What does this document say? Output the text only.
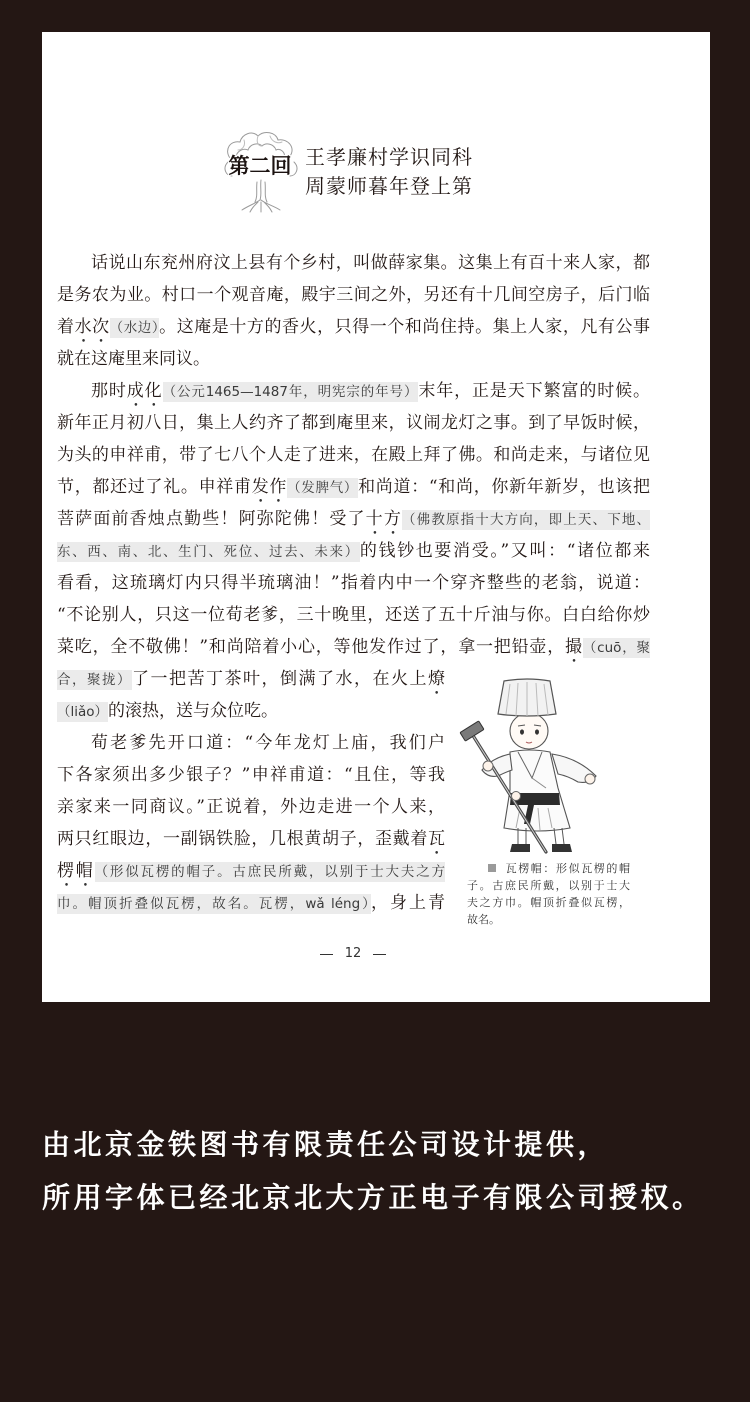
第二回 王孝廉村学识同科
周蒙师暮年登上第
话说山东兖州府汶上县有个乡村，叫做薛家集。这集上有百十来人家，都
是务农为业。村口一个观音庵，殿宇三间之外，另还有十几间空房子，后门临
着水次（水边）。这庵是十方的香火，只得一个和尚住持。集上人家，凡有公事
就在这庵里来同议。
那时成化（公元1465—1487年，明宪宗的年号）末年，正是天下繁富的时候。
新年正月初八日，集上人约齐了都到庵里来，议闹龙灯之事。到了早饭时候，
为头的申祥甫，带了七八个人走了进来，在殿上拜了佛。和尚走来，与诸位见
节，都还过了礼。申祥甫发作（发脾气）和尚道：“和尚，你新年新岁，也该把
菩萨面前香烛点勤些！阿弥陀佛！受了十方（佛教原指十大方向，即上天、下地、
东、西、南、北、生门、死位、过去、未来）的钱钞也要消受。”又叫：“诸位都来
看看，这琉璃灯内只得半琉璃油！”指着内中一个穿齐整些的老翁，说道：
“不论别人，只这一位荀老爹，三十晚里，还送了五十斤油与你。白白给你炒
菜吃，全不敬佛！”和尚陪着小心，等他发作过了，拿一把铅壶，撮（cuō，聚
合，聚拢）了一把苦丁茶叶，倒满了水，在火上燎
（liǎo）的滚热，送与众位吃。
荀老爹先开口道：“今年龙灯上庙，我们户
下各家须出多少银子？”申祥甫道：“且住，等我
亲家来一同商议。”正说着，外边走进一个人来，
两只红眼边，一副锅铁脸，几根黄胡子，歪戴着瓦
楞帽（形似瓦楞的帽子。古庶民所戴，以别于士大夫之方
巾。帽顶折叠似瓦楞，故名。瓦楞，wǎ léng），身上青
瓦楞帽：形似瓦楞的帽
子。古庶民所戴，以别于士大
夫之方巾。帽顶折叠似瓦楞，
故名。
12
由北京金铁图书有限责任公司设计提供，
所用字体已经北京北大方正电子有限公司授权。
